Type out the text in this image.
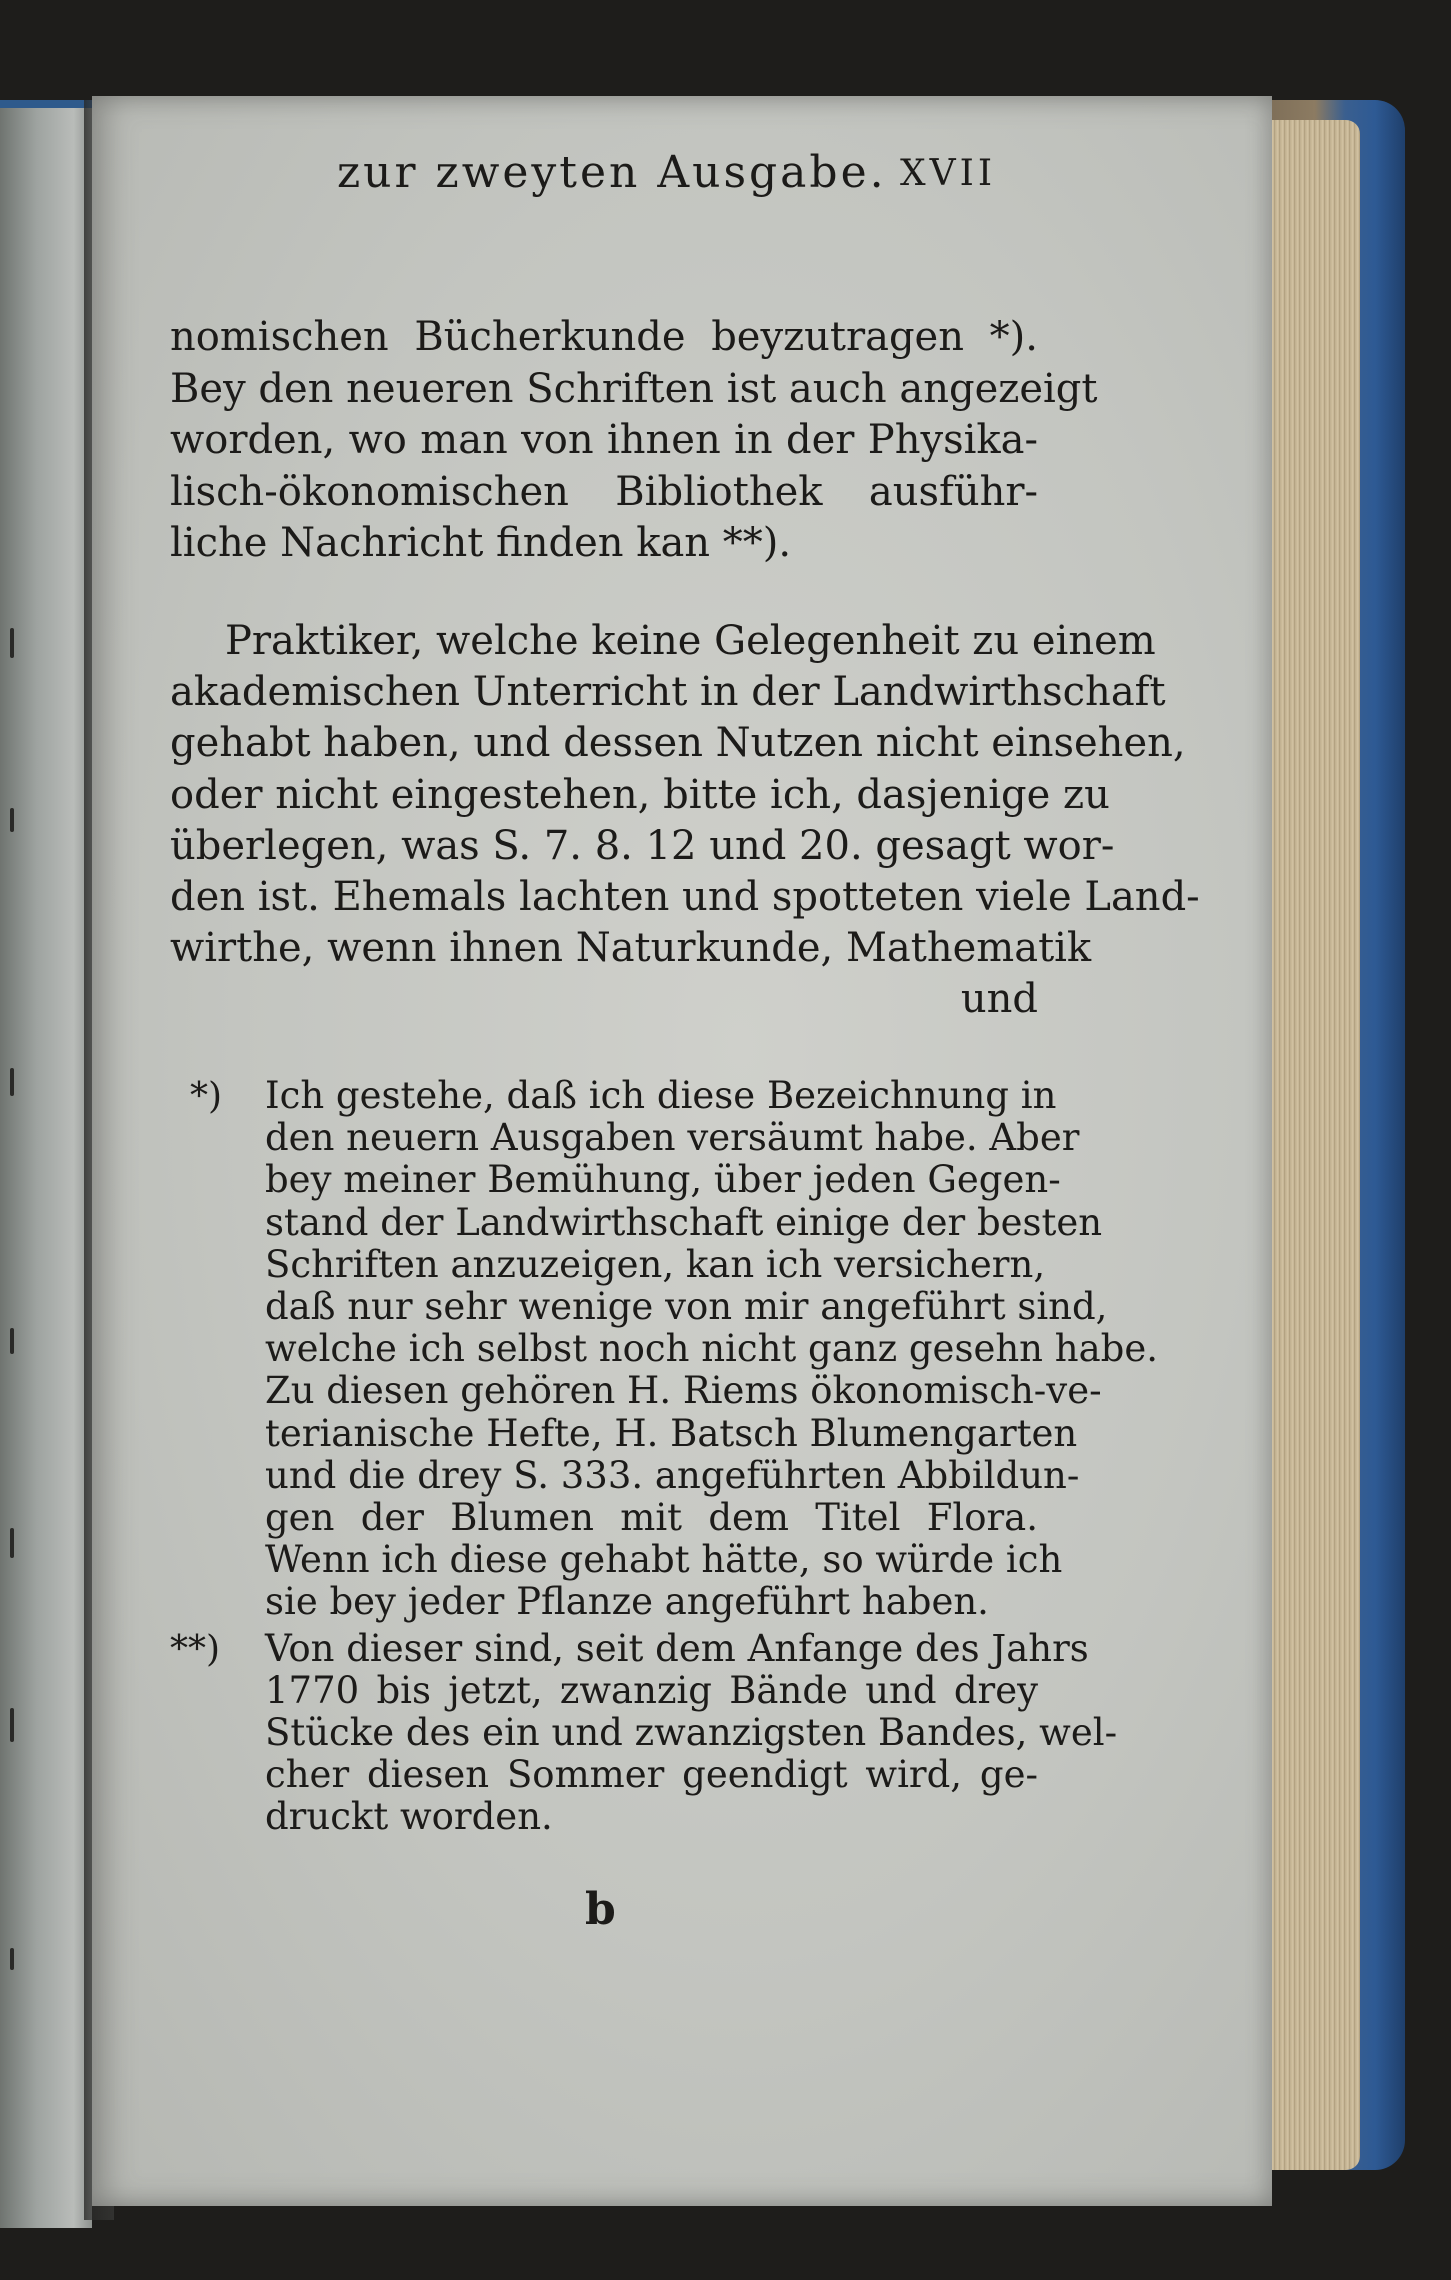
zur zweyten Ausgabe. XVII
nomischen Bücherkunde beyzutragen *).
Bey den neueren Schriften ist auch angezeigt
worden, wo man von ihnen in der Physika-
lisch-ökonomischen Bibliothek ausführ-
liche Nachricht finden kan **).
Praktiker, welche keine Gelegenheit zu einem
akademischen Unterricht in der Landwirthschaft
gehabt haben, und dessen Nutzen nicht einsehen,
oder nicht eingestehen, bitte ich, dasjenige zu
überlegen, was S. 7. 8. 12 und 20. gesagt wor-
den ist. Ehemals lachten und spotteten viele Land-
wirthe, wenn ihnen Naturkunde, Mathematik
und
*) Ich gestehe, daß ich diese Bezeichnung in
den neuern Ausgaben versäumt habe. Aber
bey meiner Bemühung, über jeden Gegen-
stand der Landwirthschaft einige der besten
Schriften anzuzeigen, kan ich versichern,
daß nur sehr wenige von mir angeführt sind,
welche ich selbst noch nicht ganz gesehn habe.
Zu diesen gehören H. Riems ökonomisch-ve-
terianische Hefte, H. Batsch Blumengarten
und die drey S. 333. angeführten Abbildun-
gen der Blumen mit dem Titel Flora.
Wenn ich diese gehabt hätte, so würde ich
sie bey jeder Pflanze angeführt haben.
**) Von dieser sind, seit dem Anfange des Jahrs
1770 bis jetzt, zwanzig Bände und drey
Stücke des ein und zwanzigsten Bandes, wel-
cher diesen Sommer geendigt wird, ge-
druckt worden.
b
